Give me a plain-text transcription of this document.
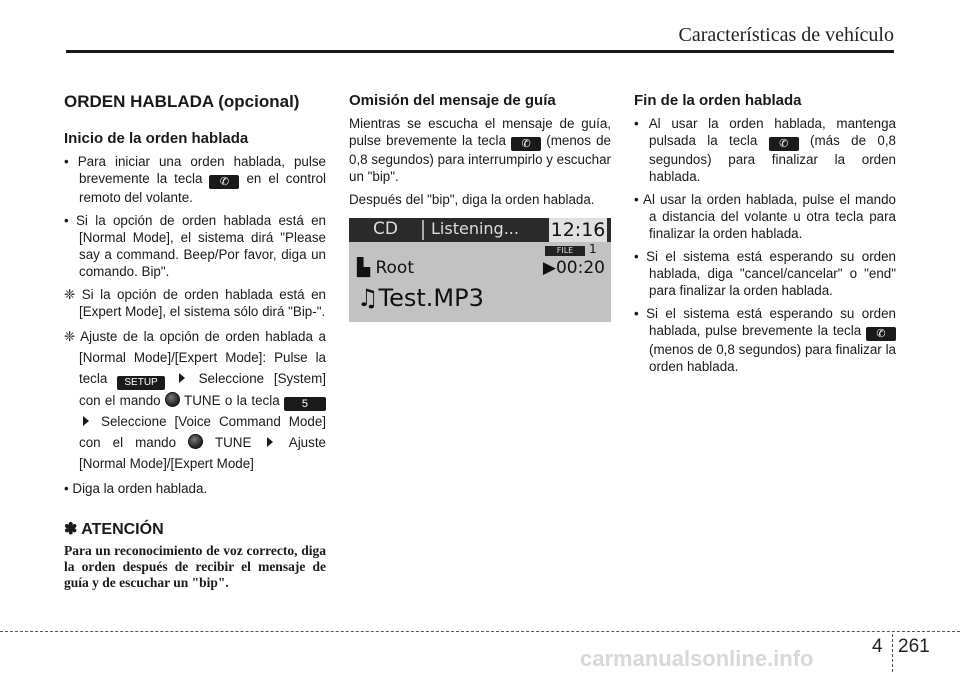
Características de vehículo
ORDEN HABLADA (opcional)
Inicio de la orden hablada

• Para iniciar una orden hablada, pulse brevemente la tecla ✆ en el control remoto del volante.

• Si la opción de orden hablada está en [Normal Mode], el sistema dirá "Please say a command. Beep/Por favor, diga un comando. Bip".

❈ Si la opción de orden hablada está en [Expert Mode], el sistema sólo dirá "Bip-".

❈ Ajuste de la opción de orden hablada a [Normal Mode]/[Expert Mode]: Pulse la tecla SETUP	Seleccione [System] con el mando TUNE o la tecla 5  Seleccione [Voice Command Mode] con el mando	TUNE	Ajuste [Normal Mode]/[Expert Mode]

• Diga la orden hablada.

✽ ATENCIÓN
Para un reconocimiento de voz correcto, diga la orden después de recibir el mensaje de guía y de escuchar un "bip".
Omisión del mensaje de guía

Mientras se escucha el mensaje de guía, pulse brevemente la tecla ✆ (menos de 0,8 segundos) para interrumpirlo y escuchar un "bip".

Después del "bip", diga la orden hablada.

CD Listening... 12:16
FILE	1
▙ Root	▶00:20
♫Test.MP3
Fin de la orden hablada

• Al usar la orden hablada, mantenga pulsada la tecla ✆ (más de 0,8 segundos) para finalizar la orden hablada.

• Al usar la orden hablada, pulse el mando a distancia del volante u otra tecla para finalizar la orden hablada.

• Si el sistema está esperando su orden hablada, diga "cancel/cancelar" o "end" para finalizar la orden hablada.

• Si el sistema está esperando su orden hablada, pulse brevemente la tecla ✆ (menos de 0,8 segundos) para finalizar la orden hablada.

carmanualsonline.info	4 261
